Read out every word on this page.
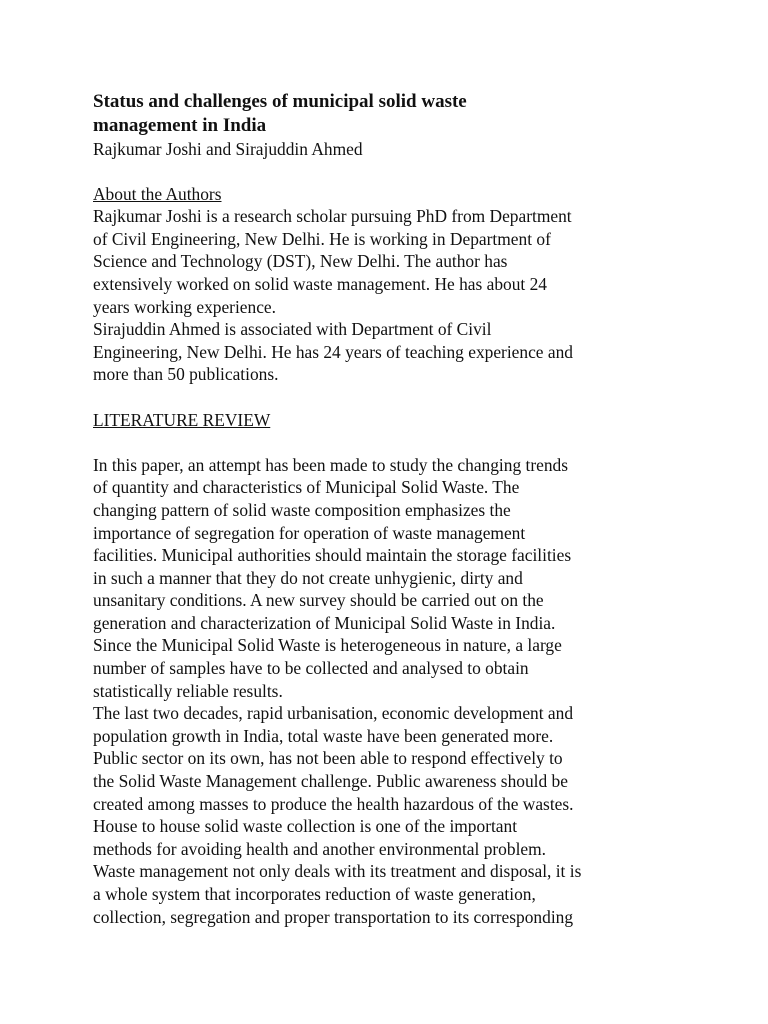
Status and challenges of municipal solid waste
management in India

Rajkumar Joshi and Sirajuddin Ahmed

About the Authors

Rajkumar Joshi is a research scholar pursuing PhD from Department
of Civil Engineering, New Delhi. He is working in Department of
Science and Technology (DST), New Delhi. The author has
extensively worked on solid waste management. He has about 24
years working experience.
Sirajuddin Ahmed is associated with Department of Civil
Engineering, New Delhi. He has 24 years of teaching experience and
more than 50 publications.

LITERATURE REVIEW

In this paper, an attempt has been made to study the changing trends
of quantity and characteristics of Municipal Solid Waste. The
changing pattern of solid waste composition emphasizes the
importance of segregation for operation of waste management
facilities. Municipal authorities should maintain the storage facilities
in such a manner that they do not create unhygienic, dirty and
unsanitary conditions. A new survey should be carried out on the
generation and characterization of Municipal Solid Waste in India.
Since the Municipal Solid Waste is heterogeneous in nature, a large
number of samples have to be collected and analysed to obtain
statistically reliable results.
The last two decades, rapid urbanisation, economic development and
population growth in India, total waste have been generated more.
Public sector on its own, has not been able to respond effectively to
the Solid Waste Management challenge. Public awareness should be
created among masses to produce the health hazardous of the wastes.
House to house solid waste collection is one of the important
methods for avoiding health and another environmental problem.
Waste management not only deals with its treatment and disposal, it is
a whole system that incorporates reduction of waste generation,
collection, segregation and proper transportation to its corresponding
